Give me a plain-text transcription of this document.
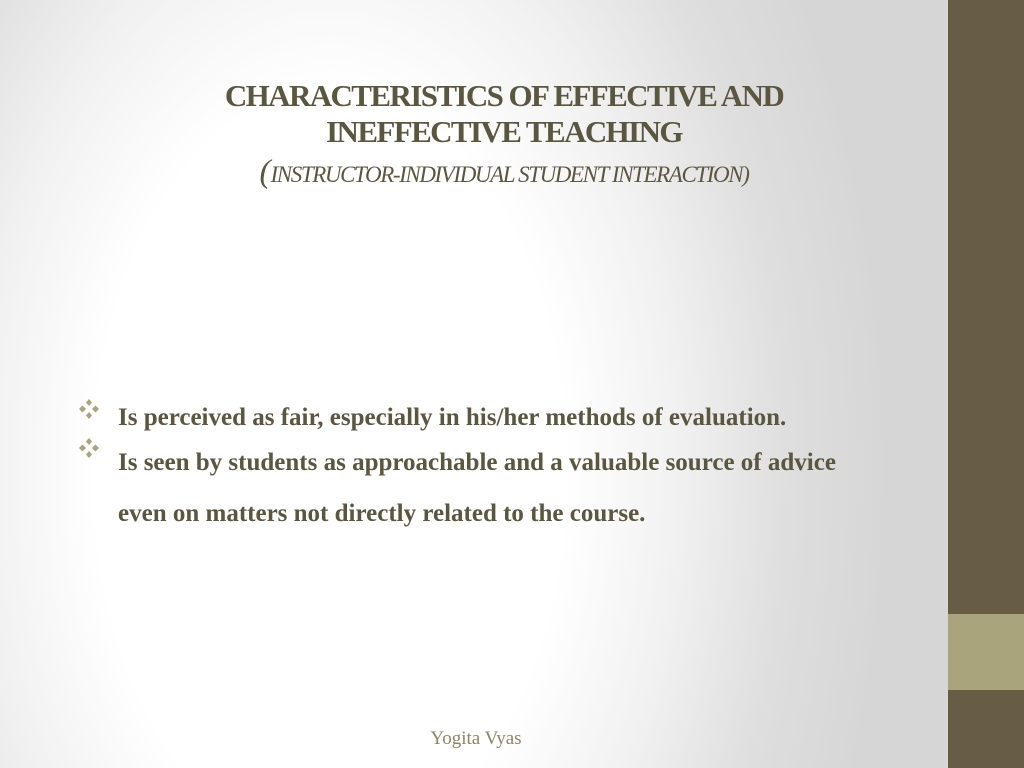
CHARACTERISTICS OF EFFECTIVE AND
INEFFECTIVE TEACHING
(INSTRUCTOR-INDIVIDUAL STUDENT INTERACTION)
Is perceived as fair, especially in his/her methods of evaluation.
Is seen by students as approachable and a valuable source of advice even on matters not directly related to the course.
Yogita Vyas
